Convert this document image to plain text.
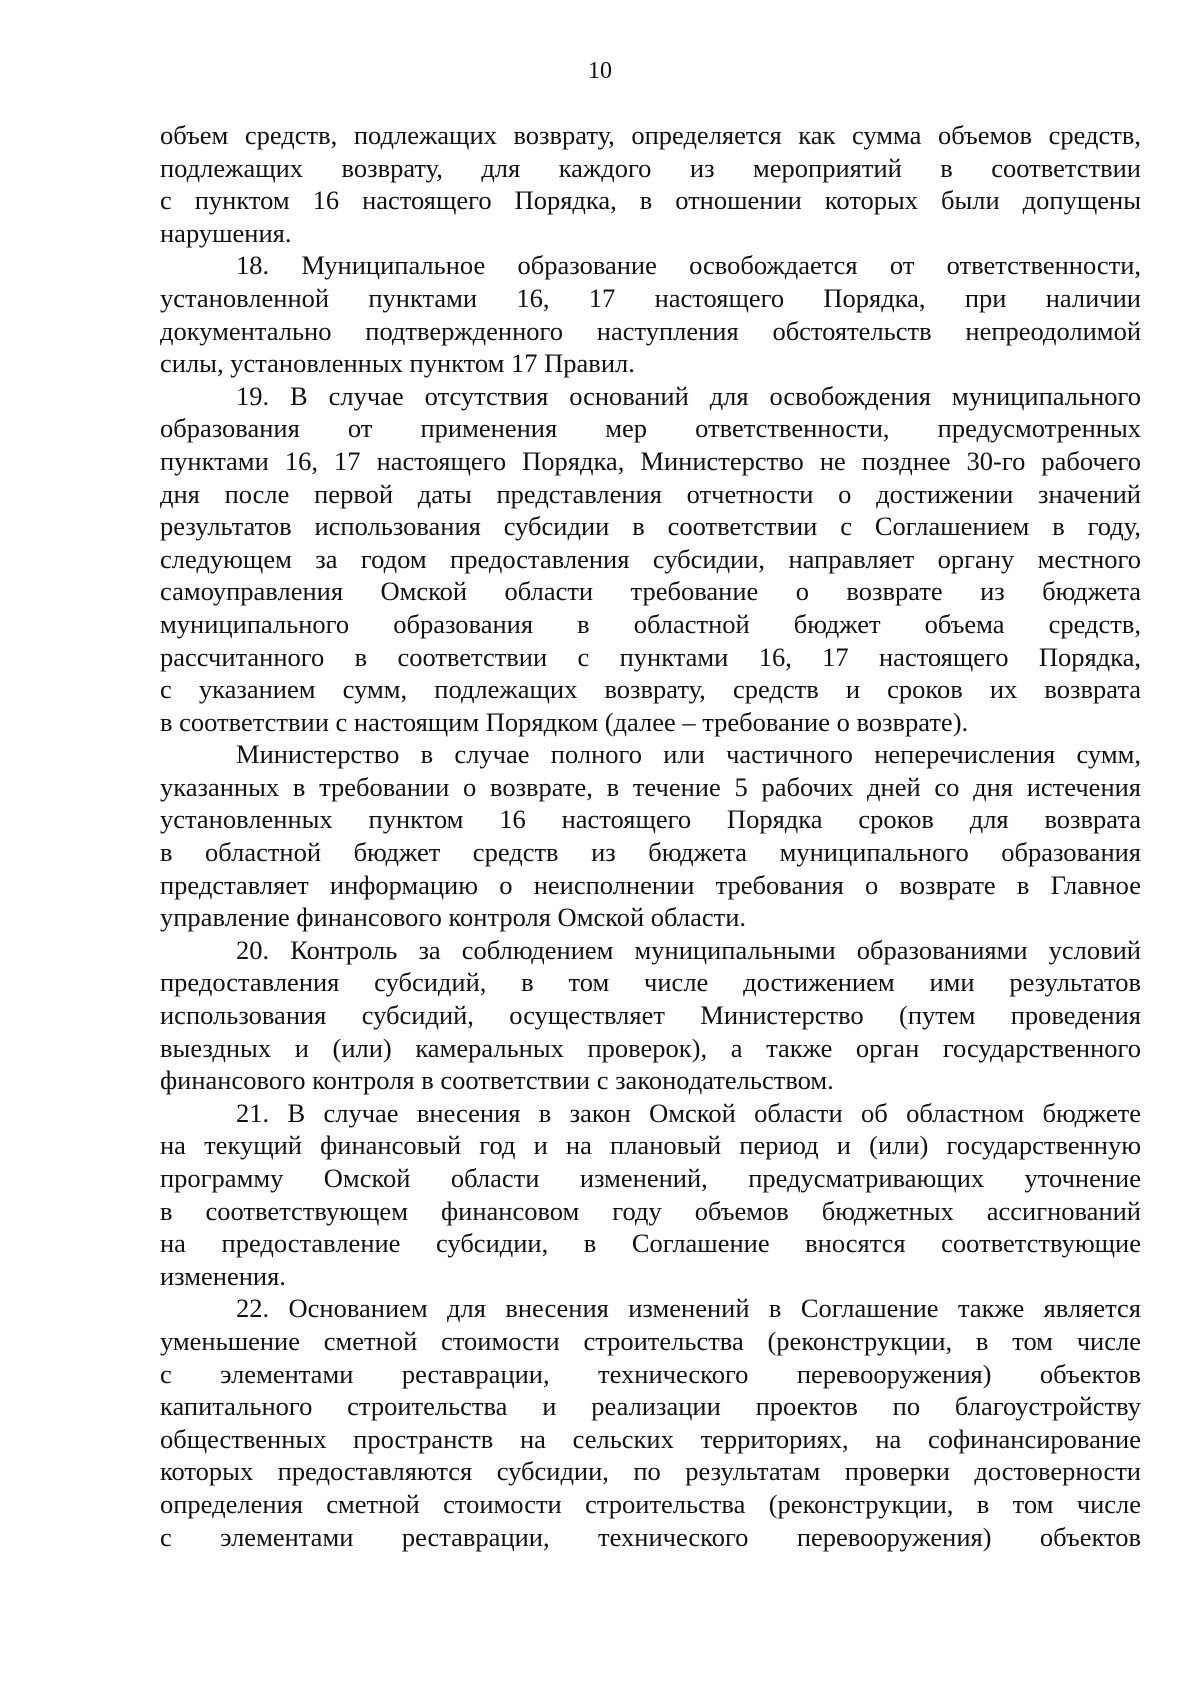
10
объем средств, подлежащих возврату, определяется как сумма объемов средств,
подлежащих возврату, для каждого из мероприятий в соответствии
с пунктом 16 настоящего Порядка, в отношении которых были допущены
нарушения.
18. Муниципальное образование освобождается от ответственности,
установленной пунктами 16, 17 настоящего Порядка, при наличии
документально подтвержденного наступления обстоятельств непреодолимой
силы, установленных пунктом 17 Правил.
19. В случае отсутствия оснований для освобождения муниципального
образования от применения мер ответственности, предусмотренных
пунктами 16, 17 настоящего Порядка, Министерство не позднее 30-го рабочего
дня после первой даты представления отчетности о достижении значений
результатов использования субсидии в соответствии с Соглашением в году,
следующем за годом предоставления субсидии, направляет органу местного
самоуправления Омской области требование о возврате из бюджета
муниципального образования в областной бюджет объема средств,
рассчитанного в соответствии с пунктами 16, 17 настоящего Порядка,
с указанием сумм, подлежащих возврату, средств и сроков их возврата
в соответствии с настоящим Порядком (далее – требование о возврате).
Министерство в случае полного или частичного неперечисления сумм,
указанных в требовании о возврате, в течение 5 рабочих дней со дня истечения
установленных пунктом 16 настоящего Порядка сроков для возврата
в областной бюджет средств из бюджета муниципального образования
представляет информацию о неисполнении требования о возврате в Главное
управление финансового контроля Омской области.
20. Контроль за соблюдением муниципальными образованиями условий
предоставления субсидий, в том числе достижением ими результатов
использования субсидий, осуществляет Министерство (путем проведения
выездных и (или) камеральных проверок), а также орган государственного
финансового контроля в соответствии с законодательством.
21. В случае внесения в закон Омской области об областном бюджете
на текущий финансовый год и на плановый период и (или) государственную
программу Омской области изменений, предусматривающих уточнение
в соответствующем финансовом году объемов бюджетных ассигнований
на предоставление субсидии, в Соглашение вносятся соответствующие
изменения.
22. Основанием для внесения изменений в Соглашение также является
уменьшение сметной стоимости строительства (реконструкции, в том числе
с элементами реставрации, технического перевооружения) объектов
капитального строительства и реализации проектов по благоустройству
общественных пространств на сельских территориях, на софинансирование
которых предоставляются субсидии, по результатам проверки достоверности
определения сметной стоимости строительства (реконструкции, в том числе
с элементами реставрации, технического перевооружения) объектов
